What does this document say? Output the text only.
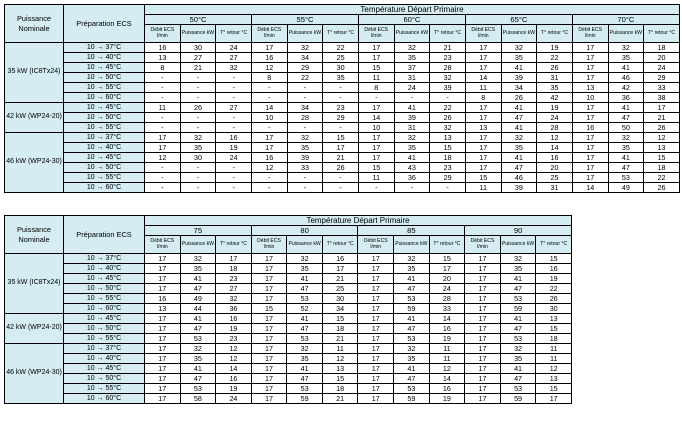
Puissance Nominale	Préparation ECS	Température Départ Primaire														
		50°C			55°C			60°C			65°C			70°C		
		Débit ECS l/min	Puissance kW	T° retour °C	Débit ECS l/min	Puissance kW	T° retour °C	Débit ECS l/min	Puissance kW	T° retour °C	Débit ECS l/min	Puissance kW	T° retour °C	Débit ECS l/min	Puissance kW	T° retour °C
35 kW (IC8Tx24)	10 → 37°C	16	30	24	17	32	22	17	32	21	17	32	19	17	32	18
	10 → 40°C	13	27	27	16	34	25	17	35	23	17	35	22	17	35	20
	10 → 45°C	8	21	32	12	29	30	15	37	28	17	41	26	17	41	24
	10 → 50°C	-	-	-	8	22	35	11	31	32	14	39	31	17	46	29
	10 → 55°C	-	-	-	-	-	-	8	24	39	11	34	35	13	42	33
	10 → 60°C	-	-	-	-	-	-	-	-	-	8	26	42	10	36	38
42 kW (WP24-20)	10 → 45°C	11	26	27	14	34	23	17	41	22	17	41	19	17	41	17
	10 → 50°C	-	-	-	10	28	29	14	39	26	17	47	24	17	47	21
	10 → 55°C	-	-	-	-	-	-	10	31	32	13	41	28	16	50	26
46 kW (WP24-30)	10 → 37°C	17	32	16	17	32	15	17	32	13	17	32	12	17	32	12
	10 → 40°C	17	35	19	17	35	17	17	35	15	17	35	14	17	35	13
	10 → 45°C	12	30	24	16	39	21	17	41	18	17	41	16	17	41	15
	10 → 50°C	-	-	-	12	33	26	15	43	23	17	47	20	17	47	18
	10 → 55°C	-	-	-	-	-	-	11	36	29	15	46	25	17	53	22
	10 → 60°C	-	-	-	-	-	-	-	-	-	11	39	31	14	49	26
Puissance Nominale	Préparation ECS	Température Départ Primaire											
		75			80			85			90		
		Débit ECS l/min	Puissance kW	T° retour °C	Débit ECS l/min	Puissance kW	T° retour °C	Débit ECS l/min	Puissance kW	T° retour °C	Débit ECS l/min	Puissance kW	T° retour °C
35 kW (IC8Tx24)	10 → 37°C	17	32	17	17	32	16	17	32	15	17	32	15
	10 → 40°C	17	35	18	17	35	17	17	35	17	17	35	16
	10 → 45°C	17	41	23	17	41	21	17	41	20	17	41	19
	10 → 50°C	17	47	27	17	47	25	17	47	24	17	47	22
	10 → 55°C	16	49	32	17	53	30	17	53	28	17	53	26
	10 → 60°C	13	44	36	15	52	34	17	59	33	17	59	30
42 kW (WP24-20)	10 → 45°C	17	41	16	17	41	15	17	41	14	17	41	13
	10 → 50°C	17	47	19	17	47	18	17	47	16	17	47	15
	10 → 55°C	17	53	23	17	53	21	17	53	19	17	53	18
46 kW (WP24-30)	10 → 37°C	17	32	12	17	32	11	17	32	11	17	32	11
	10 → 40°C	17	35	12	17	35	12	17	35	11	17	35	11
	10 → 45°C	17	41	14	17	41	13	17	41	12	17	41	12
	10 → 50°C	17	47	16	17	47	15	17	47	14	17	47	13
	10 → 55°C	17	53	19	17	53	18	17	53	16	17	53	15
	10 → 60°C	17	58	24	17	59	21	17	59	19	17	59	17
